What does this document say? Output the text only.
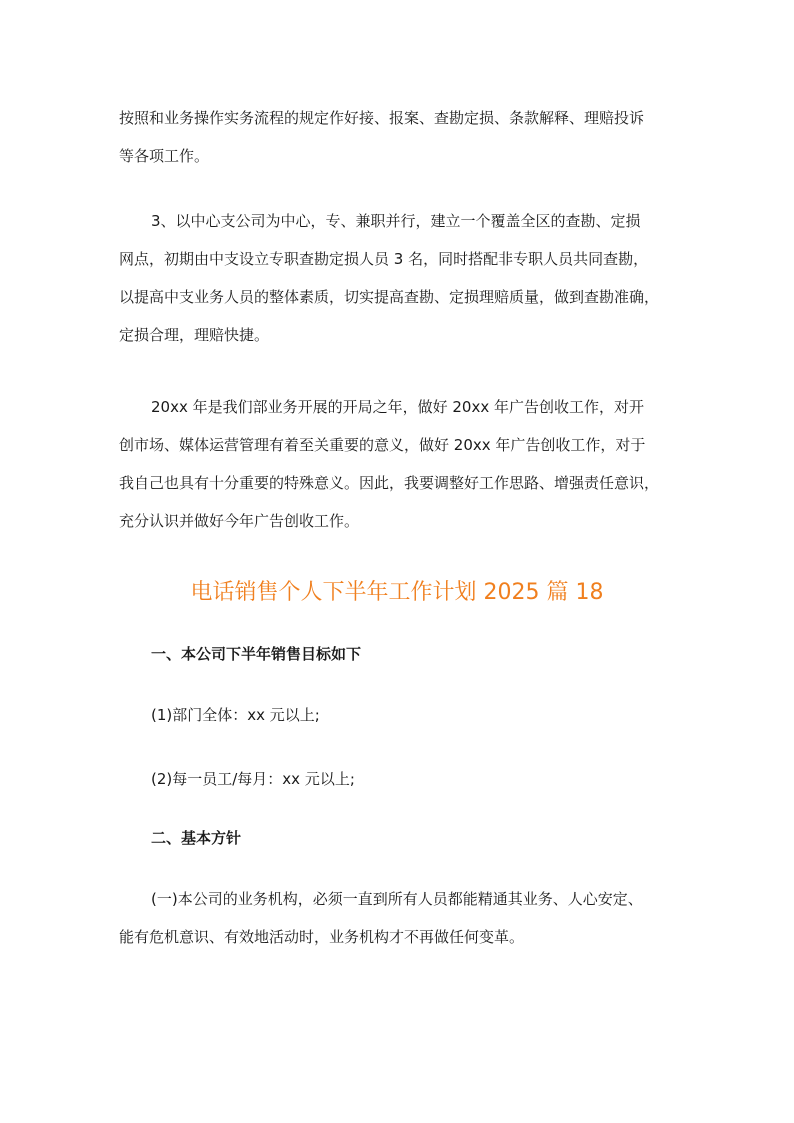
按照和业务操作实务流程的规定作好接、报案、查勘定损、条款解释、理赔投诉
等各项工作。
3、以中心支公司为中心，专、兼职并行，建立一个覆盖全区的查勘、定损
网点，初期由中支设立专职查勘定损人员 3 名，同时搭配非专职人员共同查勘，
以提高中支业务人员的整体素质，切实提高查勘、定损理赔质量，做到查勘准确，
定损合理，理赔快捷。
20xx 年是我们部业务开展的开局之年，做好 20xx 年广告创收工作，对开
创市场、媒体运营管理有着至关重要的意义，做好 20xx 年广告创收工作，对于
我自己也具有十分重要的特殊意义。因此，我要调整好工作思路、增强责任意识，
充分认识并做好今年广告创收工作。
电话销售个人下半年工作计划 2025 篇 18

一、本公司下半年销售目标如下

(1)部门全体：xx 元以上;

(2)每一员工/每月：xx 元以上;

二、基本方针

(一)本公司的业务机构，必须一直到所有人员都能精通其业务、人心安定、
能有危机意识、有效地活动时，业务机构才不再做任何变革。
